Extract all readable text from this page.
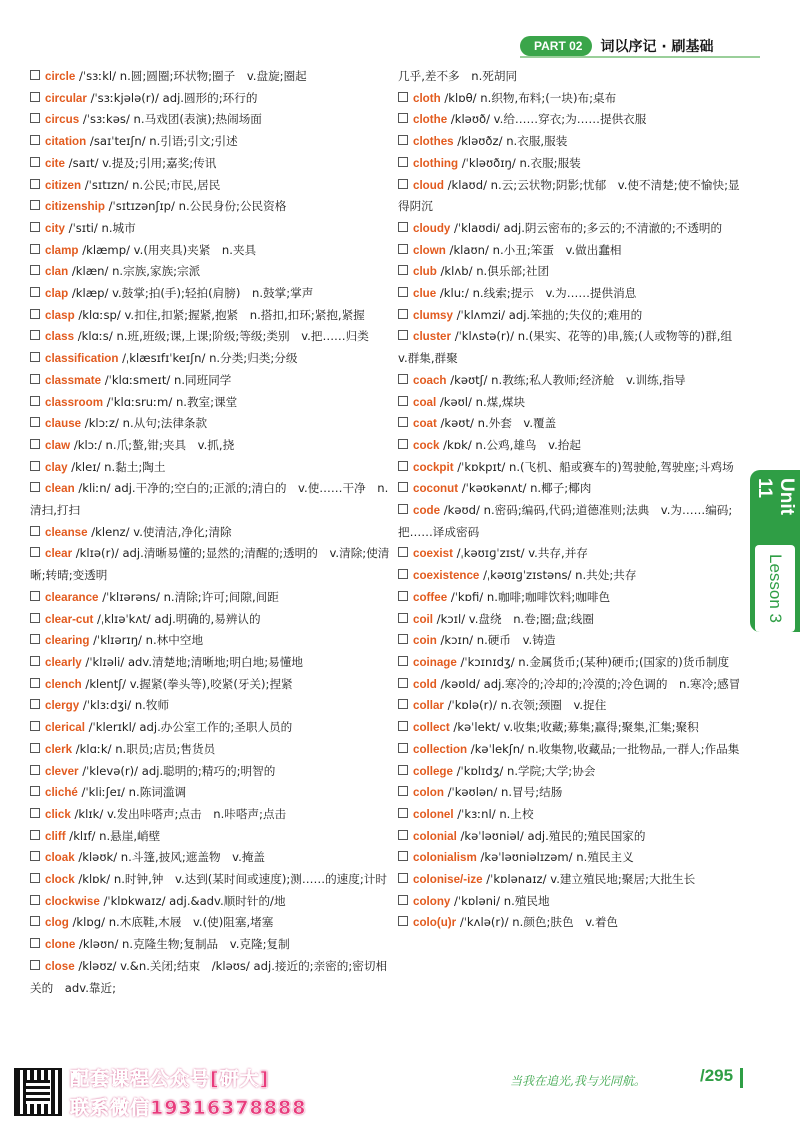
PART 02	词以序记 · 刷基础
circle /ˈsɜːkl/ n.圆;圆圈;环状物;圈子　v.盘旋;圈起
circular /ˈsɜːkjələ(r)/ adj.圆形的;环行的
circus /ˈsɜːkəs/ n.马戏团(表演);热闹场面
citation /saɪˈteɪʃn/ n.引语;引文;引述
cite /saɪt/ v.提及;引用;嘉奖;传讯
citizen /ˈsɪtɪzn/ n.公民;市民,居民
citizenship /ˈsɪtɪzənʃɪp/ n.公民身份;公民资格
city /ˈsɪti/ n.城市
clamp /klæmp/ v.(用夹具)夹紧　n.夹具
clan /klæn/ n.宗族,家族;宗派
clap /klæp/ v.鼓掌;拍(手);轻拍(肩膀)　n.鼓掌;掌声
clasp /klɑːsp/ v.扣住,扣紧;握紧,抱紧　n.搭扣,扣环;紧抱,紧握
class /klɑːs/ n.班,班级;课,上课;阶级;等级;类别　v.把……归类
classification /ˌklæsɪfɪˈkeɪʃn/ n.分类;归类;分级
classmate /ˈklɑːsmeɪt/ n.同班同学
classroom /ˈklɑːsruːm/ n.教室;课堂
clause /klɔːz/ n.从句;法律条款
claw /klɔː/ n.爪;螯,钳;夹具　v.抓,挠
clay /kleɪ/ n.黏土;陶土
clean /kliːn/ adj.干净的;空白的;正派的;清白的　v.使……干净　n.清扫,打扫
cleanse /klenz/ v.使清洁,净化;清除
clear /klɪə(r)/ adj.清晰易懂的;显然的;清醒的;透明的　v.清除;使清晰;转晴;变透明
clearance /ˈklɪərəns/ n.清除;许可;间隙,间距
clear-cut /ˌklɪəˈkʌt/ adj.明确的,易辨认的
clearing /ˈklɪərɪŋ/ n.林中空地
clearly /ˈklɪəli/ adv.清楚地;清晰地;明白地;易懂地
clench /klentʃ/ v.握紧(拳头等),咬紧(牙关);捏紧
clergy /ˈklɜːdʒi/ n.牧师
clerical /ˈklerɪkl/ adj.办公室工作的;圣职人员的
clerk /klɑːk/ n.职员;店员;售货员
clever /ˈklevə(r)/ adj.聪明的;精巧的;明智的
cliché /ˈkliːʃeɪ/ n.陈词滥调
click /klɪk/ v.发出咔嗒声;点击　n.咔嗒声;点击
cliff /klɪf/ n.悬崖,峭壁
cloak /kləʊk/ n.斗篷,披风;遮盖物　v.掩盖
clock /klɒk/ n.时钟,钟　v.达到(某时间或速度);测……的速度;计时
clockwise /ˈklɒkwaɪz/ adj.&adv.顺时针的/地
clog /klɒg/ n.木底鞋,木屐　v.(使)阻塞,堵塞
clone /kləʊn/ n.克隆生物;复制品　v.克隆;复制
close /kləʊz/ v.&n.关闭;结束　/kləʊs/ adj.接近的;亲密的;密切相关的　adv.靠近;
几乎,差不多　n.死胡同
cloth /klɒθ/ n.织物,布料;(一块)布;桌布
clothe /kləʊð/ v.给……穿衣;为……提供衣服
clothes /kləʊðz/ n.衣服,服装
clothing /ˈkləʊðɪŋ/ n.衣服;服装
cloud /klaʊd/ n.云;云状物;阴影;忧郁　v.使不清楚;使不愉快;显得阴沉
cloudy /ˈklaʊdi/ adj.阴云密布的;多云的;不清澈的;不透明的
clown /klaʊn/ n.小丑;笨蛋　v.做出蠢相
club /klʌb/ n.俱乐部;社团
clue /kluː/ n.线索;提示　v.为……提供消息
clumsy /ˈklʌmzi/ adj.笨拙的;失仪的;难用的
cluster /ˈklʌstə(r)/ n.(果实、花等的)串,簇;(人或物等的)群,组　v.群集,群聚
coach /kəʊtʃ/ n.教练;私人教师;经济舱　v.训练,指导
coal /kəʊl/ n.煤,煤块
coat /kəʊt/ n.外套　v.覆盖
cock /kɒk/ n.公鸡,雄鸟　v.抬起
cockpit /ˈkɒkpɪt/ n.(飞机、船或赛车的)驾驶舱,驾驶座;斗鸡场
coconut /ˈkəʊkənʌt/ n.椰子;椰肉
code /kəʊd/ n.密码;编码,代码;道德准则;法典　v.为……编码;把……译成密码
coexist /ˌkəʊɪɡˈzɪst/ v.共存,并存
coexistence /ˌkəʊɪɡˈzɪstəns/ n.共处;共存
coffee /ˈkɒfi/ n.咖啡;咖啡饮料;咖啡色
coil /kɔɪl/ v.盘绕　n.卷;圈;盘;线圈
coin /kɔɪn/ n.硬币　v.铸造
coinage /ˈkɔɪnɪdʒ/ n.金属货币;(某种)硬币;(国家的)货币制度
cold /kəʊld/ adj.寒冷的;冷却的;冷漠的;冷色调的　n.寒冷;感冒
collar /ˈkɒlə(r)/ n.衣领;颈圈　v.捉住
collect /kəˈlekt/ v.收集;收藏;募集;赢得;聚集,汇集;聚积
collection /kəˈlekʃn/ n.收集物,收藏品;一批物品,一群人;作品集
college /ˈkɒlɪdʒ/ n.学院;大学;协会
colon /ˈkəʊlən/ n.冒号;结肠
colonel /ˈkɜːnl/ n.上校
colonial /kəˈləʊniəl/ adj.殖民的;殖民国家的
colonialism /kəˈləʊniəlɪzəm/ n.殖民主义
colonise/-ize /ˈkɒlənaɪz/ v.建立殖民地;聚居;大批生长
colony /ˈkɒləni/ n.殖民地
colo(u)r /ˈkʌlə(r)/ n.颜色;肤色　v.着色
Unit 11
Lesson 3
配套课程公众号[研大]
联系微信19316378888
当我在追光,我与光同航。	/295
